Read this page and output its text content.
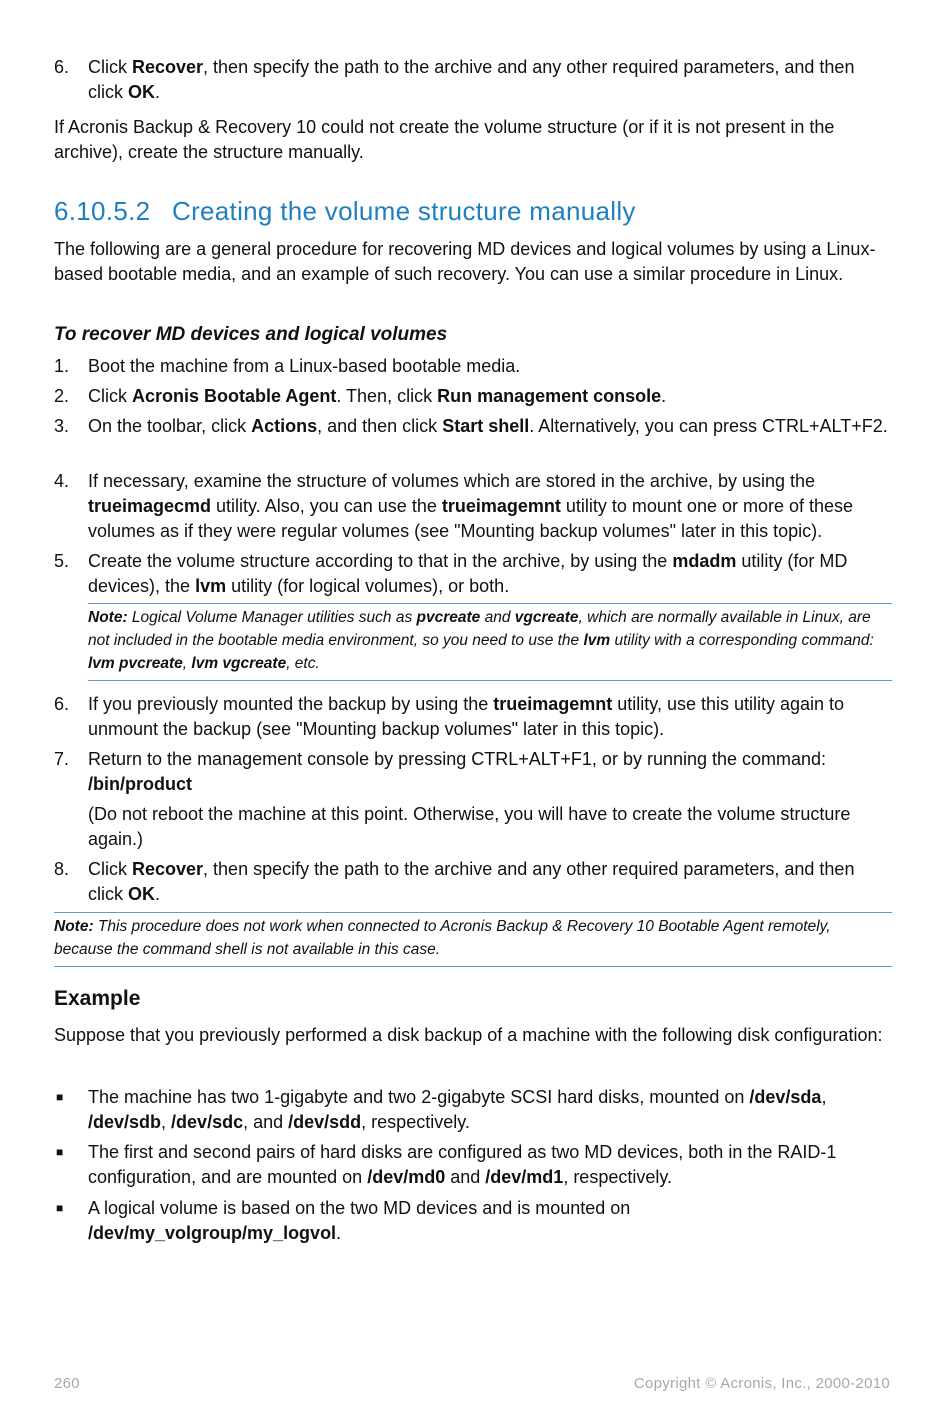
6. Click Recover, then specify the path to the archive and any other required parameters, and then click OK.

If Acronis Backup & Recovery 10 could not create the volume structure (or if it is not present in the archive), create the structure manually.

6.10.5.2 Creating the volume structure manually

The following are a general procedure for recovering MD devices and logical volumes by using a Linux-based bootable media, and an example of such recovery. You can use a similar procedure in Linux.

To recover MD devices and logical volumes

1. Boot the machine from a Linux-based bootable media.

2. Click Acronis Bootable Agent. Then, click Run management console.

3. On the toolbar, click Actions, and then click Start shell. Alternatively, you can press CTRL+ALT+F2.

4. If necessary, examine the structure of volumes which are stored in the archive, by using the trueimagecmd utility. Also, you can use the trueimagemnt utility to mount one or more of these volumes as if they were regular volumes (see "Mounting backup volumes" later in this topic).

5. Create the volume structure according to that in the archive, by using the mdadm utility (for MD devices), the lvm utility (for logical volumes), or both.

Note: Logical Volume Manager utilities such as pvcreate and vgcreate, which are normally available in Linux, are not included in the bootable media environment, so you need to use the lvm utility with a corresponding command: lvm pvcreate, lvm vgcreate, etc.

6. If you previously mounted the backup by using the trueimagemnt utility, use this utility again to unmount the backup (see "Mounting backup volumes" later in this topic).

7. Return to the management console by pressing CTRL+ALT+F1, or by running the command: /bin/product

(Do not reboot the machine at this point. Otherwise, you will have to create the volume structure again.)

8. Click Recover, then specify the path to the archive and any other required parameters, and then click OK.

Note: This procedure does not work when connected to Acronis Backup & Recovery 10 Bootable Agent remotely, because the command shell is not available in this case.

Example

Suppose that you previously performed a disk backup of a machine with the following disk configuration:

■ The machine has two 1-gigabyte and two 2-gigabyte SCSI hard disks, mounted on /dev/sda, /dev/sdb, /dev/sdc, and /dev/sdd, respectively.

■ The first and second pairs of hard disks are configured as two MD devices, both in the RAID-1 configuration, and are mounted on /dev/md0 and /dev/md1, respectively.

■ A logical volume is based on the two MD devices and is mounted on /dev/my_volgroup/my_logvol.

260	Copyright © Acronis, Inc., 2000-2010
